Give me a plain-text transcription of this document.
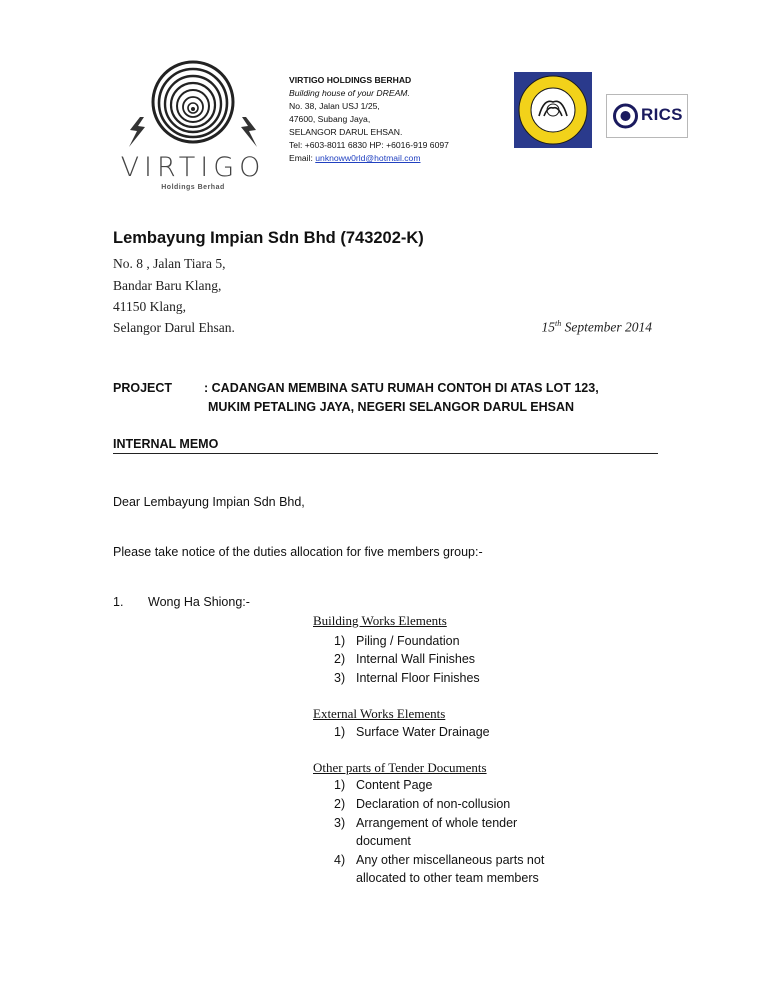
VIRTIGO
Holdings Berhad
VIRTIGO HOLDINGS BERHAD
Building house of your DREAM.
No. 38, Jalan USJ 1/25,
47600, Subang Jaya,
SELANGOR DARUL EHSAN.
Tel: +603-8011 6830 HP: +6016-919 6097
Email: unknoww0rld@hotmail.com
RICS
Lembayung Impian Sdn Bhd (743202-K)
No. 8 , Jalan Tiara 5,
Bandar Baru Klang,
41150 Klang,
Selangor Darul Ehsan.	15th September 2014
PROJECT	: CADANGAN MEMBINA SATU RUMAH CONTOH DI ATAS LOT 123,
MUKIM PETALING JAYA, NEGERI SELANGOR DARUL EHSAN
INTERNAL MEMO
Dear Lembayung Impian Sdn Bhd,
Please take notice of the duties allocation for five members group:-
1. Wong Ha Shiong:-
Building Works Elements
1) Piling / Foundation
2) Internal Wall Finishes
3) Internal Floor Finishes
External Works Elements
1) Surface Water Drainage
Other parts of Tender Documents
1) Content Page
2) Declaration of non-collusion
3) Arrangement of whole tender
document
4) Any other miscellaneous parts not
allocated to other team members
